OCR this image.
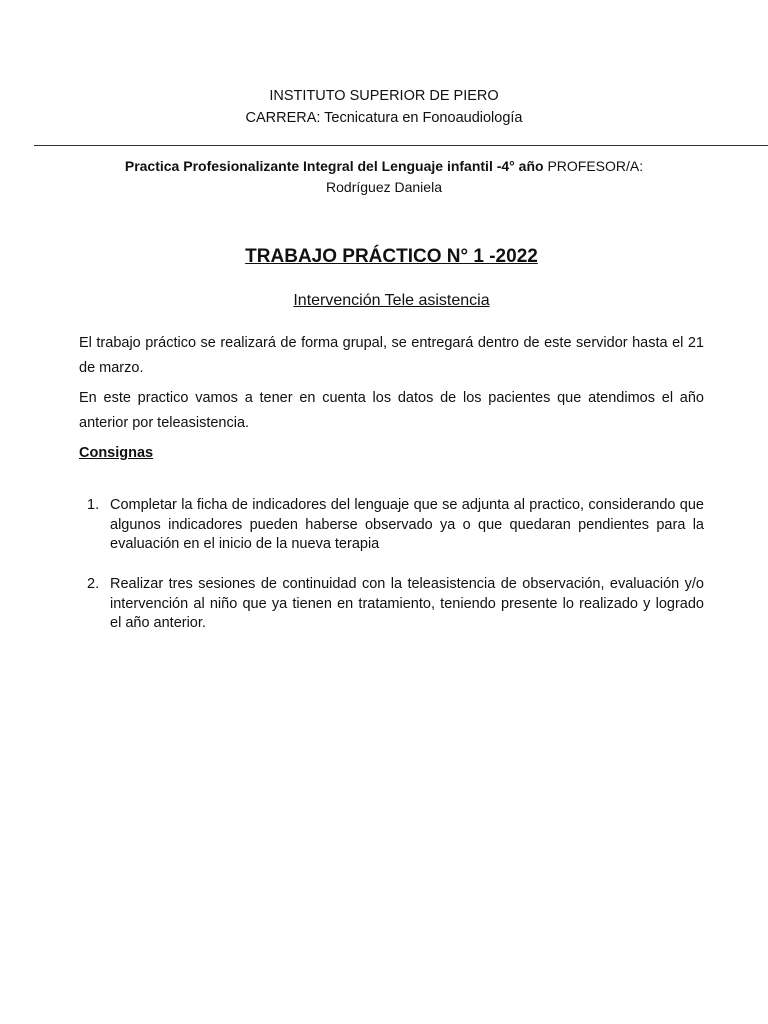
INSTITUTO SUPERIOR DE PIERO
CARRERA: Tecnicatura en Fonoaudiología
Practica Profesionalizante Integral del Lenguaje infantil -4° año PROFESOR/A:
Rodríguez Daniela
TRABAJO PRÁCTICO N° 1 -2022
Intervención Tele asistencia

El trabajo práctico se realizará de forma grupal, se entregará dentro de este servidor hasta el 21 de marzo.

En este practico vamos a tener en cuenta los datos de los pacientes que atendimos el año anterior por teleasistencia.

Consignas
1. Completar la ficha de indicadores del lenguaje que se adjunta al practico, considerando que algunos indicadores pueden haberse observado ya o que quedaran pendientes para la evaluación en el inicio de la nueva terapia
2. Realizar tres sesiones de continuidad con la teleasistencia de observación, evaluación y/o intervención al niño que ya tienen en tratamiento, teniendo presente lo realizado y logrado el año anterior.
